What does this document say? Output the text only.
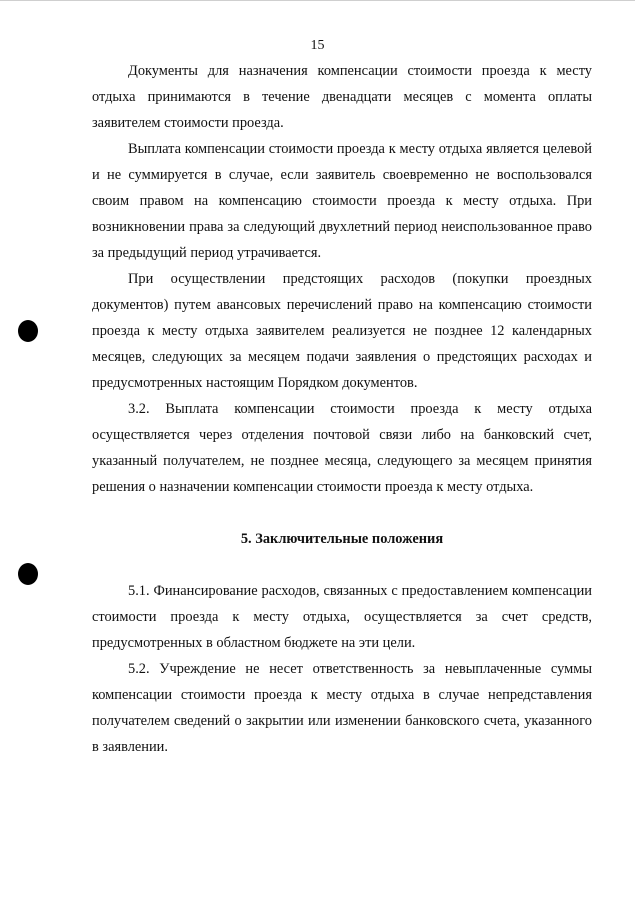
15

Документы для назначения компенсации стоимости проезда к месту отдыха принимаются в течение двенадцати месяцев с момента оплаты заявителем стоимости проезда.

Выплата компенсации стоимости проезда к месту отдыха является целевой и не суммируется в случае, если заявитель своевременно не воспользовался своим правом на компенсацию стоимости проезда к месту отдыха. При возникновении права за следующий двухлетний период неиспользованное право за предыдущий период утрачивается.

При осуществлении предстоящих расходов (покупки проездных документов) путем авансовых перечислений право на компенсацию стоимости проезда к месту отдыха заявителем реализуется не позднее 12 календарных месяцев, следующих за месяцем подачи заявления о предстоящих расходах и предусмотренных настоящим Порядком документов.

3.2. Выплата компенсации стоимости проезда к месту отдыха осуществляется через отделения почтовой связи либо на банковский счет, указанный получателем, не позднее месяца, следующего за месяцем принятия решения о назначении компенсации стоимости проезда к месту отдыха.

5. Заключительные положения

5.1. Финансирование расходов, связанных с предоставлением компенсации стоимости проезда к месту отдыха, осуществляется за счет средств, предусмотренных в областном бюджете на эти цели.

5.2. Учреждение не несет ответственность за невыплаченные суммы компенсации стоимости проезда к месту отдыха в случае непредставления получателем сведений о закрытии или изменении банковского счета, указанного в заявлении.
